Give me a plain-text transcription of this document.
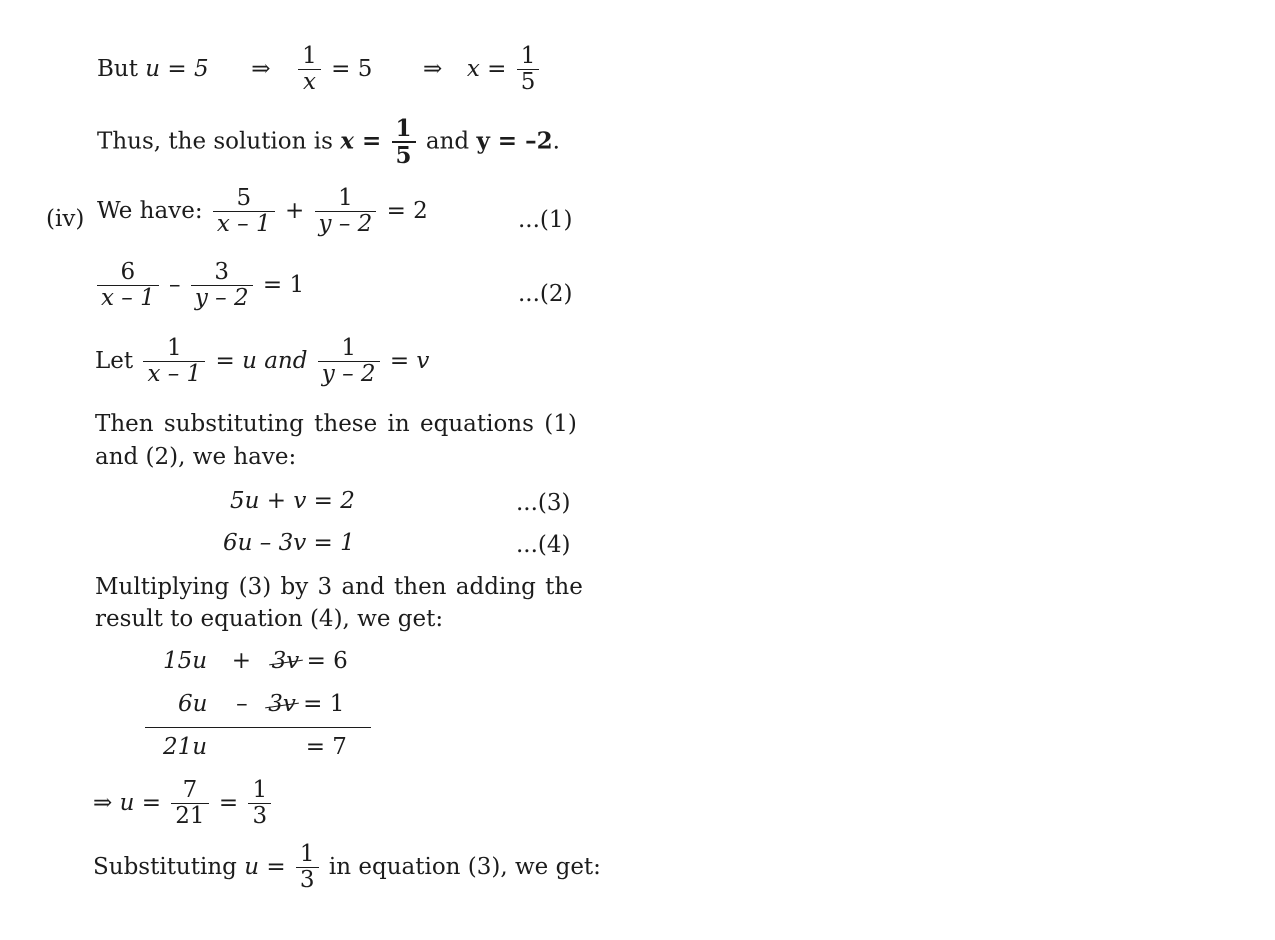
But u = 5 ⇒ $\frac{1}{x} = 5$ ⇒ $x = \frac{1}{5}$
Thus, the solution is $x = \frac{1}{5}$ and y = –2.
(iv) We have: $\frac{5}{x - 1} + \frac{1}{y - 2} = 2$	...(1)
$\frac{6}{x - 1} - \frac{3}{y - 2} = 1$	...(2)
Let $\frac{1}{x - 1} = u$ and $\frac{1}{y - 2} = v$
Then substituting these in equations (1)
and (2), we have:
5u + v = 2	...(3)
6u – 3v = 1	...(4)
Multiplying (3) by 3 and then adding the
result to equation (4), we get:
15u + 3v = 6
6u – 3v = 1
21u	= 7
⇒ $u = \frac{7}{21} = \frac{1}{3}$
Substituting $u = \frac{1}{3}$ in equation (3), we get:
